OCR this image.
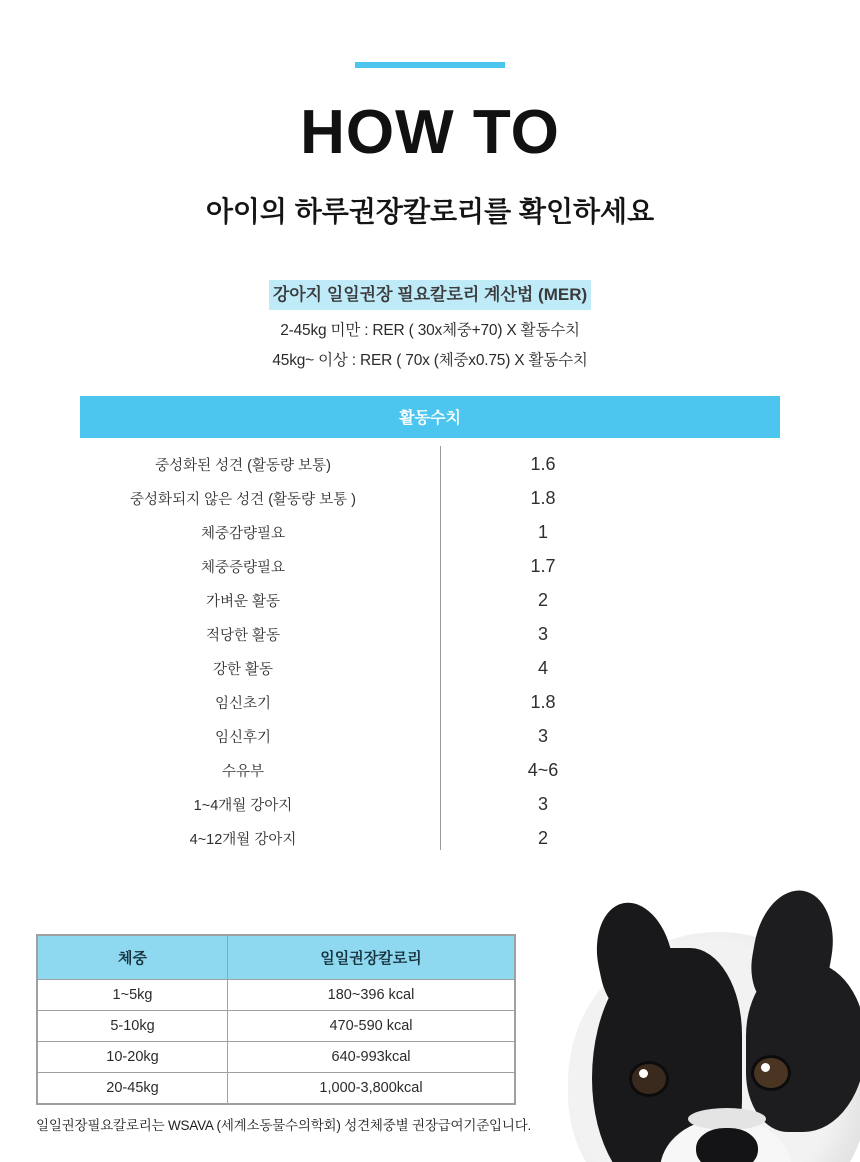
HOW TO
아이의 하루권장칼로리를 확인하세요
강아지 일일권장 필요칼로리 계산법 (MER)
2-45kg 미만 : RER ( 30x체중+70) X 활동수치
45kg~ 이상 : RER ( 70x (체중x0.75) X 활동수치
활동수치
중성화된 성견 (활동량 보통)	1.6
중성화되지 않은 성견 (활동량 보통 )	1.8
체중감량필요	1
체중증량필요	1.7
가벼운 활동	2
적당한 활동	3
강한 활동	4
임신초기	1.8
임신후기	3
수유부	4~6
1~4개월 강아지	3
4~12개월 강아지	2
체중	일일권장칼로리
1~5kg	180~396 kcal
5-10kg	470-590 kcal
10-20kg	640-993kcal
20-45kg	1,000-3,800kcal
일일권장필요칼로리는 WSAVA (세계소동물수의학회) 성견체중별 권장급여기준입니다.
